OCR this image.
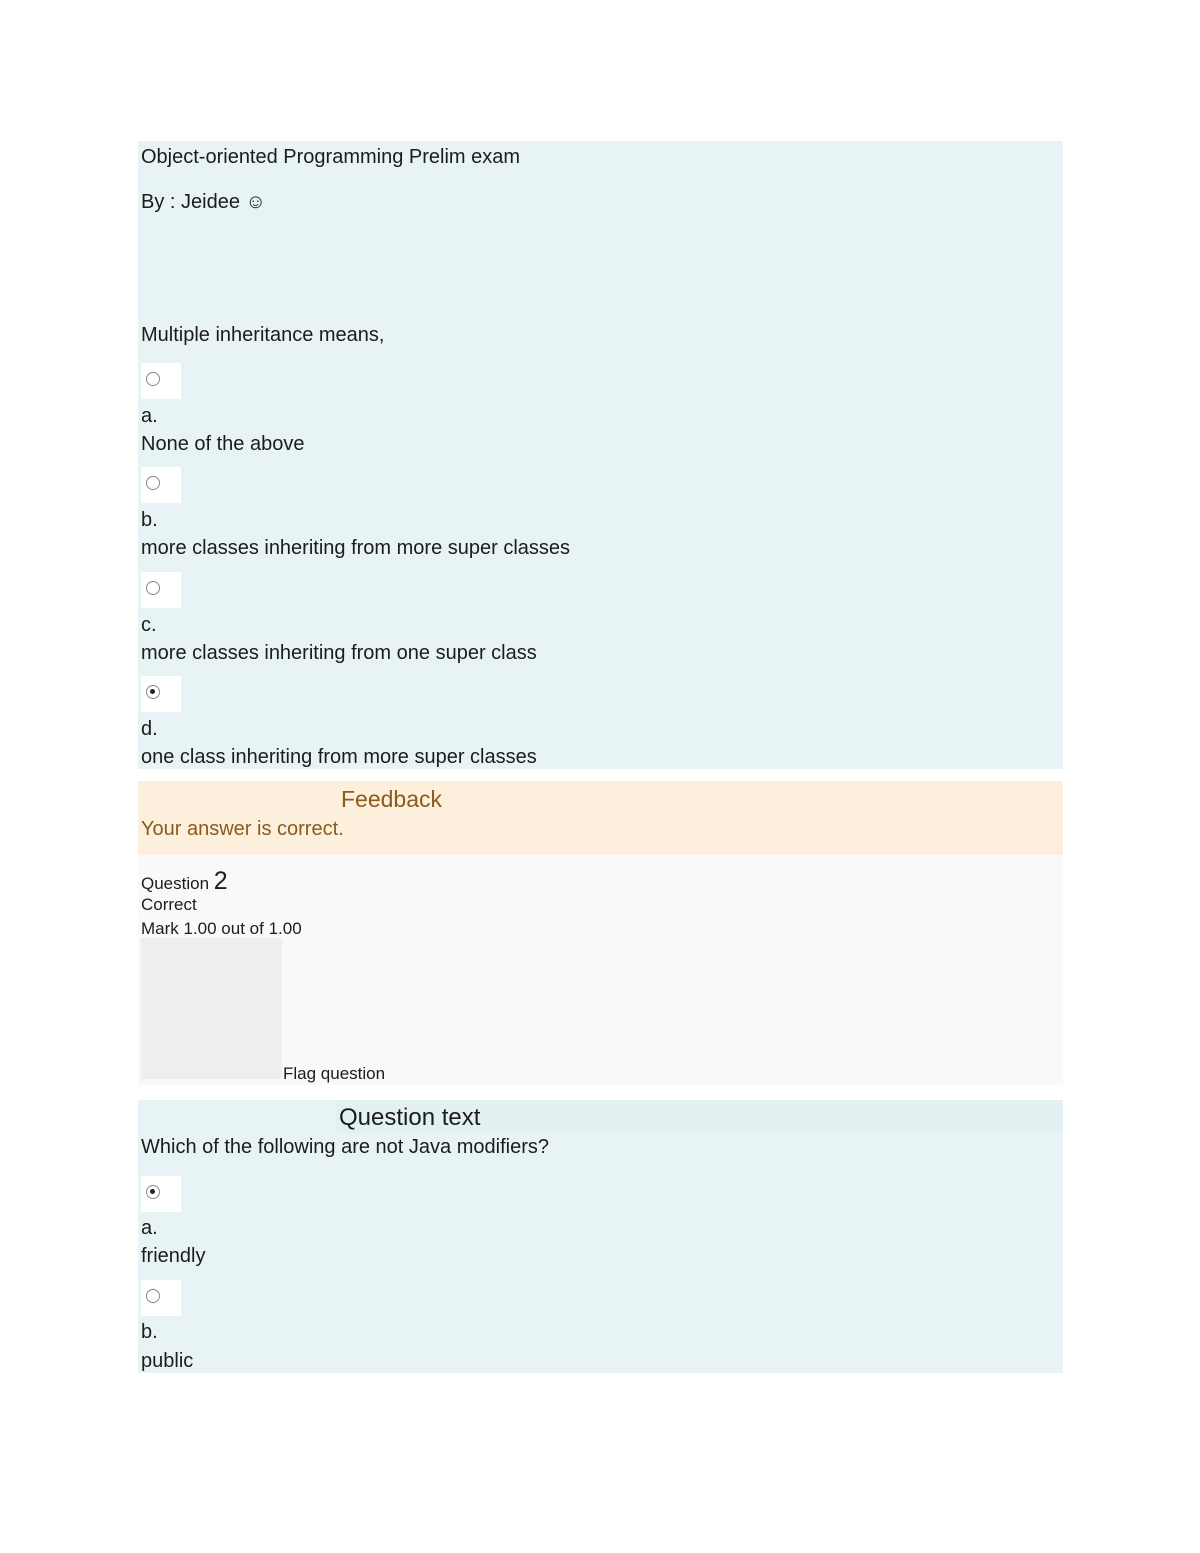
Object-oriented Programming Prelim exam
By : Jeidee ☺
Multiple inheritance means,
a.
None of the above
b.
more classes inheriting from more super classes
c.
more classes inheriting from one super class
d.
one class inheriting from more super classes
Feedback
Your answer is correct.
Question 2
Correct
Mark 1.00 out of 1.00
Flag question
Question text
Which of the following are not Java modifiers?
a.
friendly
b.
public
